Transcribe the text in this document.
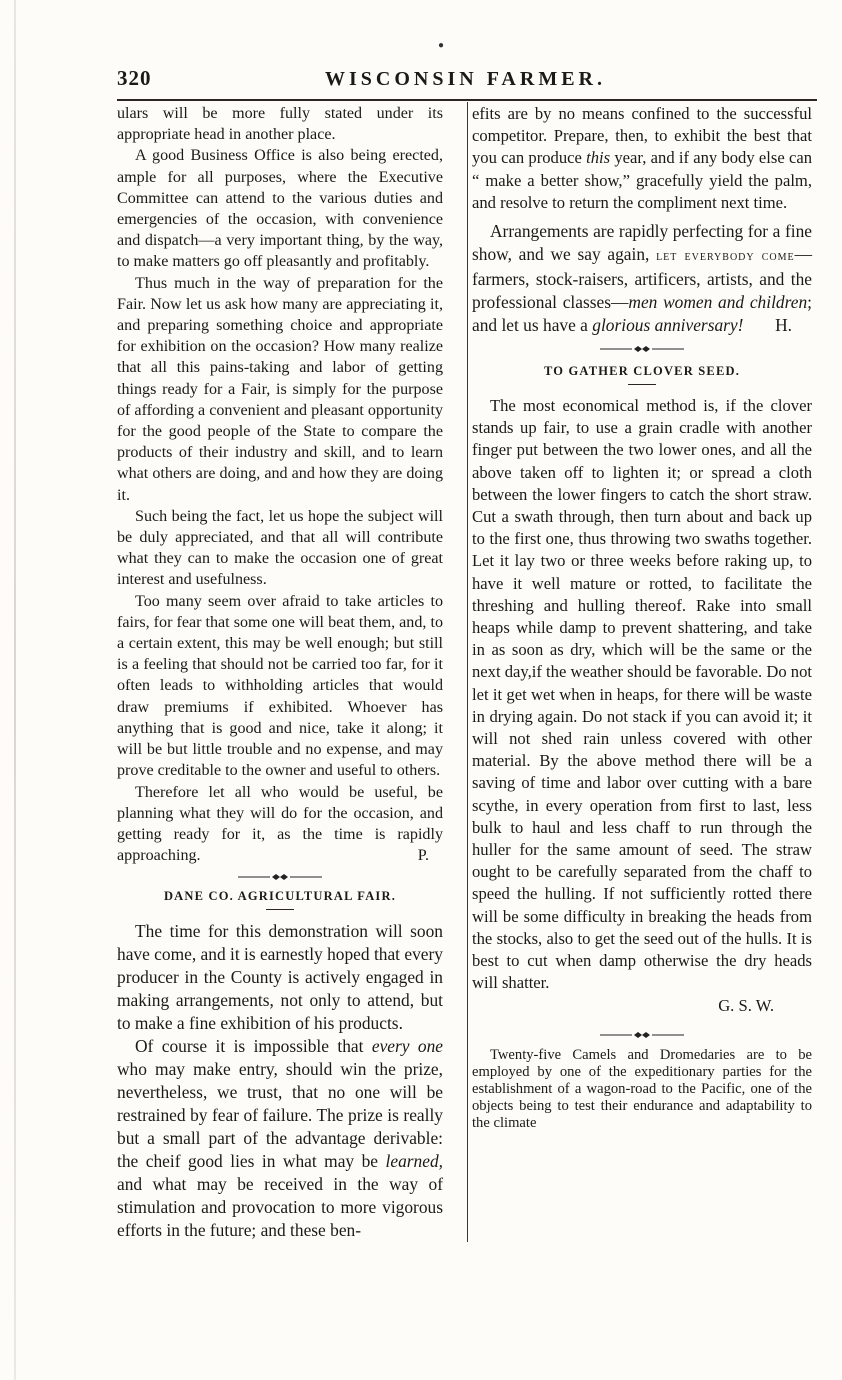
●
320	WISCONSIN FARMER.

ulars will be more fully stated under its appropriate head in another place.

A good Business Office is also being erected, ample for all purposes, where the Executive Committee can attend to the various duties and emergencies of the occasion, with convenience and dispatch—a very important thing, by the way, to make matters go off pleasantly and profitably.

Thus much in the way of preparation for the Fair. Now let us ask how many are appreciating it, and preparing something choice and appropriate for exhibition on the occasion? How many realize that all this pains-taking and labor of getting things ready for a Fair, is simply for the purpose of affording a convenient and pleasant opportunity for the good people of the State to compare the products of their industry and skill, and to learn what others are doing, and and how they are doing it.

Such being the fact, let us hope the subject will be duly appreciated, and that all will contribute what they can to make the occasion one of great interest and usefulness.

Too many seem over afraid to take articles to fairs, for fear that some one will beat them, and, to a certain extent, this may be well enough; but still is a feeling that should not be carried too far, for it often leads to withholding articles that would draw premiums if exhibited. Whoever has anything that is good and nice, take it along; it will be but little trouble and no expense, and may prove creditable to the owner and useful to others.

Therefore let all who would be useful, be planning what they will do for the occasion, and getting ready for it, as the time is rapidly approaching.	P.

DANE CO. AGRICULTURAL FAIR.

The time for this demonstration will soon have come, and it is earnestly hoped that every producer in the County is actively engaged in making arrangements, not only to attend, but to make a fine exhibition of his products.

Of course it is impossible that every one who may make entry, should win the prize, nevertheless, we trust, that no one will be restrained by fear of failure. The prize is really but a small part of the advantage derivable: the cheif good lies in what may be learned, and what may be received in the way of stimulation and provocation to more vigorous efforts in the future; and these ben-

efits are by no means confined to the successful competitor. Prepare, then, to exhibit the best that you can produce this year, and if any body else can “ make a better show,” gracefully yield the palm, and resolve to return the compliment next time.

Arrangements are rapidly perfecting for a fine show, and we say again, let everybody come—farmers, stock-raisers, artificers, artists, and the professional classes—men women and children; and let us have a glorious anniversary!	H.

TO GATHER CLOVER SEED.

The most economical method is, if the clover stands up fair, to use a grain cradle with another finger put between the two lower ones, and all the above taken off to lighten it; or spread a cloth between the lower fingers to catch the short straw. Cut a swath through, then turn about and back up to the first one, thus throwing two swaths together. Let it lay two or three weeks before raking up, to have it well mature or rotted, to facilitate the threshing and hulling thereof. Rake into small heaps while damp to prevent shattering, and take in as soon as dry, which will be the same or the next day,if the weather should be favorable. Do not let it get wet when in heaps, for there will be waste in drying again. Do not stack if you can avoid it; it will not shed rain unless covered with other material. By the above method there will be a saving of time and labor over cutting with a bare scythe, in every operation from first to last, less bulk to haul and less chaff to run through the huller for the same amount of seed. The straw ought to be carefully separated from the chaff to speed the hulling. If not sufficiently rotted there will be some difficulty in breaking the heads from the stocks, also to get the seed out of the hulls. It is best to cut when damp otherwise the dry heads will shatter.

G. S. W.

Twenty-five Camels and Dromedaries are to be employed by one of the expeditionary parties for the establishment of a wagon-road to the Pacific, one of the objects being to test their endurance and adaptability to the climate
